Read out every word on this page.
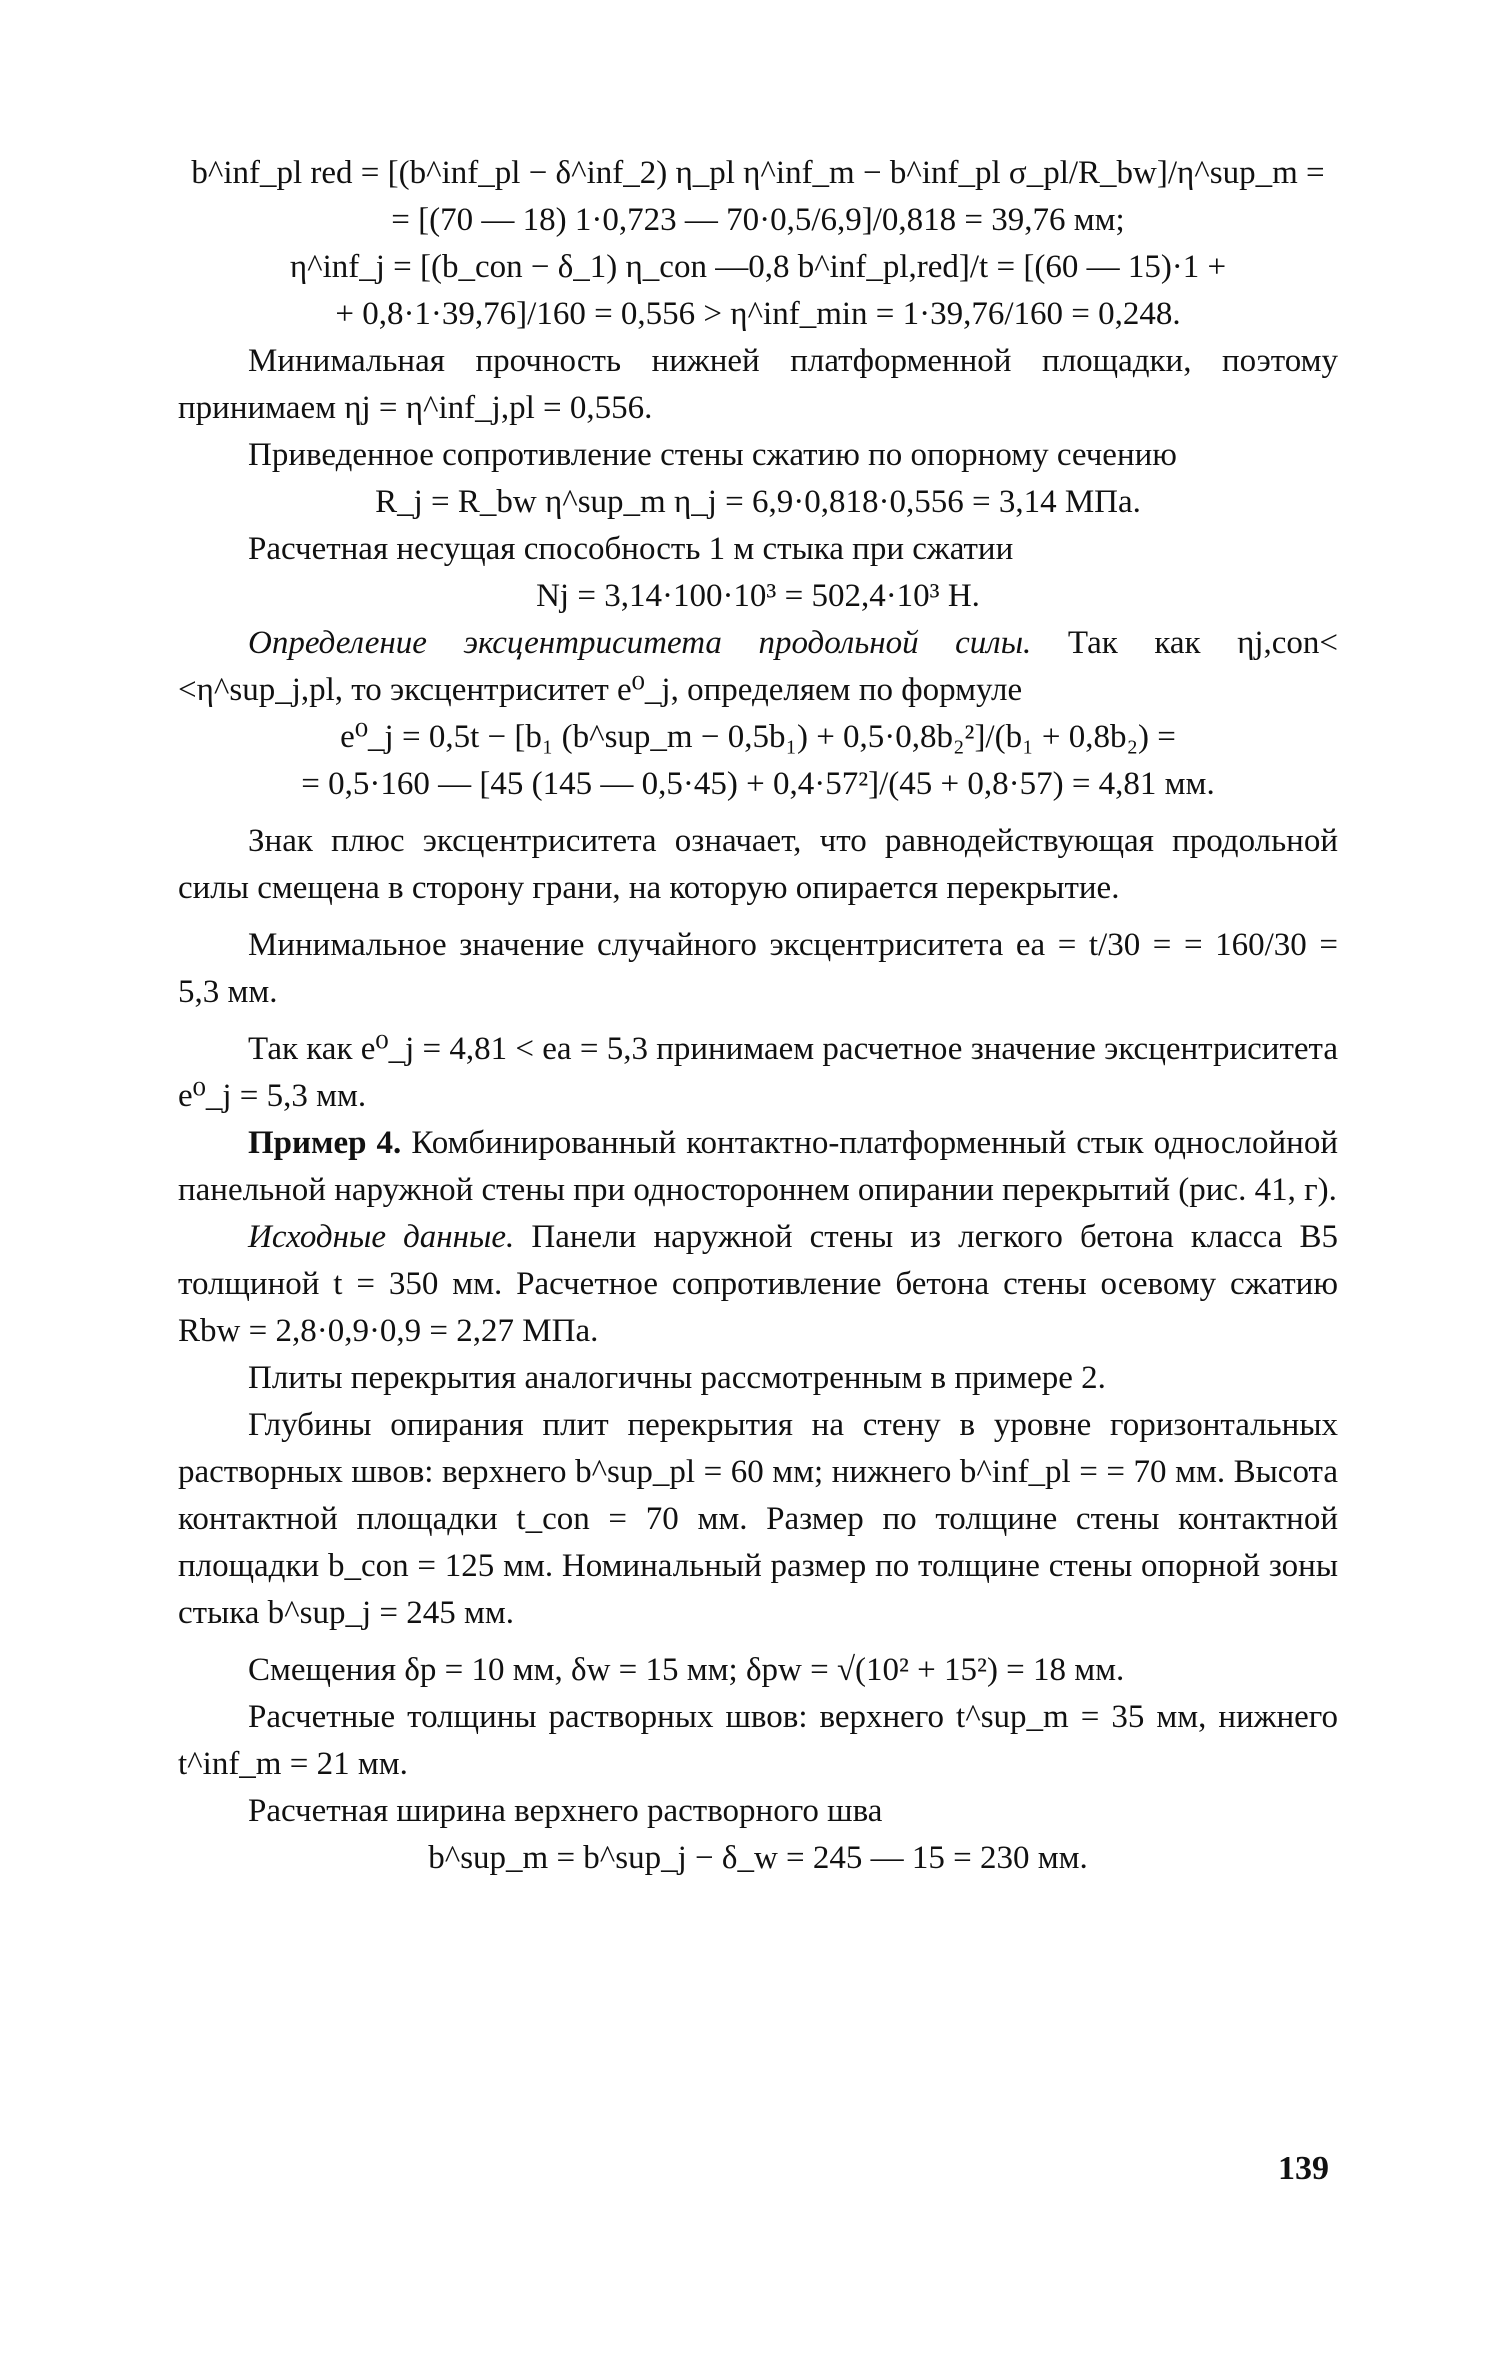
b^inf_pl red = [(b^inf_pl − δ^inf_2) η_pl η^inf_m − b^inf_pl σ_pl/R_bw]/η^sup_m =

= [(70 — 18) 1·0,723 — 70·0,5/6,9]/0,818 = 39,76 мм;

η^inf_j = [(b_con − δ_1) η_con —0,8 b^inf_pl,red]/t = [(60 — 15)·1 +

+ 0,8·1·39,76]/160 = 0,556 > η^inf_min = 1·39,76/160 = 0,248.

Минимальная прочность нижней платформенной площадки, поэтому принимаем ηj = η^inf_j,pl = 0,556.

Приведенное сопротивление стены сжатию по опорному сечению

R_j = R_bw η^sup_m η_j = 6,9·0,818·0,556 = 3,14 МПа.

Расчетная несущая способность 1 м стыка при сжатии

Nj = 3,14·100·10³ = 502,4·10³ Н.

Определение эксцентриситета продольной силы. Так как ηj,con< <η^sup_j,pl, то эксцентриситет e⁰_j, определяем по формуле

e⁰_j = 0,5t − [b₁ (b^sup_m − 0,5b₁) + 0,5·0,8b₂²]/(b₁ + 0,8b₂) =

= 0,5·160 — [45 (145 — 0,5·45) + 0,4·57²]/(45 + 0,8·57) = 4,81 мм.

Знак плюс эксцентриситета означает, что равнодействующая продольной силы смещена в сторону грани, на которую опирается перекрытие.

Минимальное значение случайного эксцентриситета eа = t/30 = = 160/30 = 5,3 мм.

Так как e⁰_j = 4,81 < eа = 5,3 принимаем расчетное значение эксцентриситета e⁰_j = 5,3 мм.

Пример 4. Комбинированный контактно-платформенный стык однослойной панельной наружной стены при одностороннем опирании перекрытий (рис. 41, г).

Исходные данные. Панели наружной стены из легкого бетона класса В5 толщиной t = 350 мм. Расчетное сопротивление бетона стены осевому сжатию Rbw = 2,8·0,9·0,9 = 2,27 МПа.

Плиты перекрытия аналогичны рассмотренным в примере 2.

Глубины опирания плит перекрытия на стену в уровне горизонтальных растворных швов: верхнего b^sup_pl = 60 мм; нижнего b^inf_pl = = 70 мм. Высота контактной площадки t_con = 70 мм. Размер по толщине стены контактной площадки b_con = 125 мм. Номинальный размер по толщине стены опорной зоны стыка b^sup_j = 245 мм.

Смещения δp = 10 мм, δw = 15 мм; δpw = √(10² + 15²) = 18 мм.

Расчетные толщины растворных швов: верхнего t^sup_m = 35 мм, нижнего t^inf_m = 21 мм.

Расчетная ширина верхнего растворного шва

b^sup_m = b^sup_j − δ_w = 245 — 15 = 230 мм.

139
